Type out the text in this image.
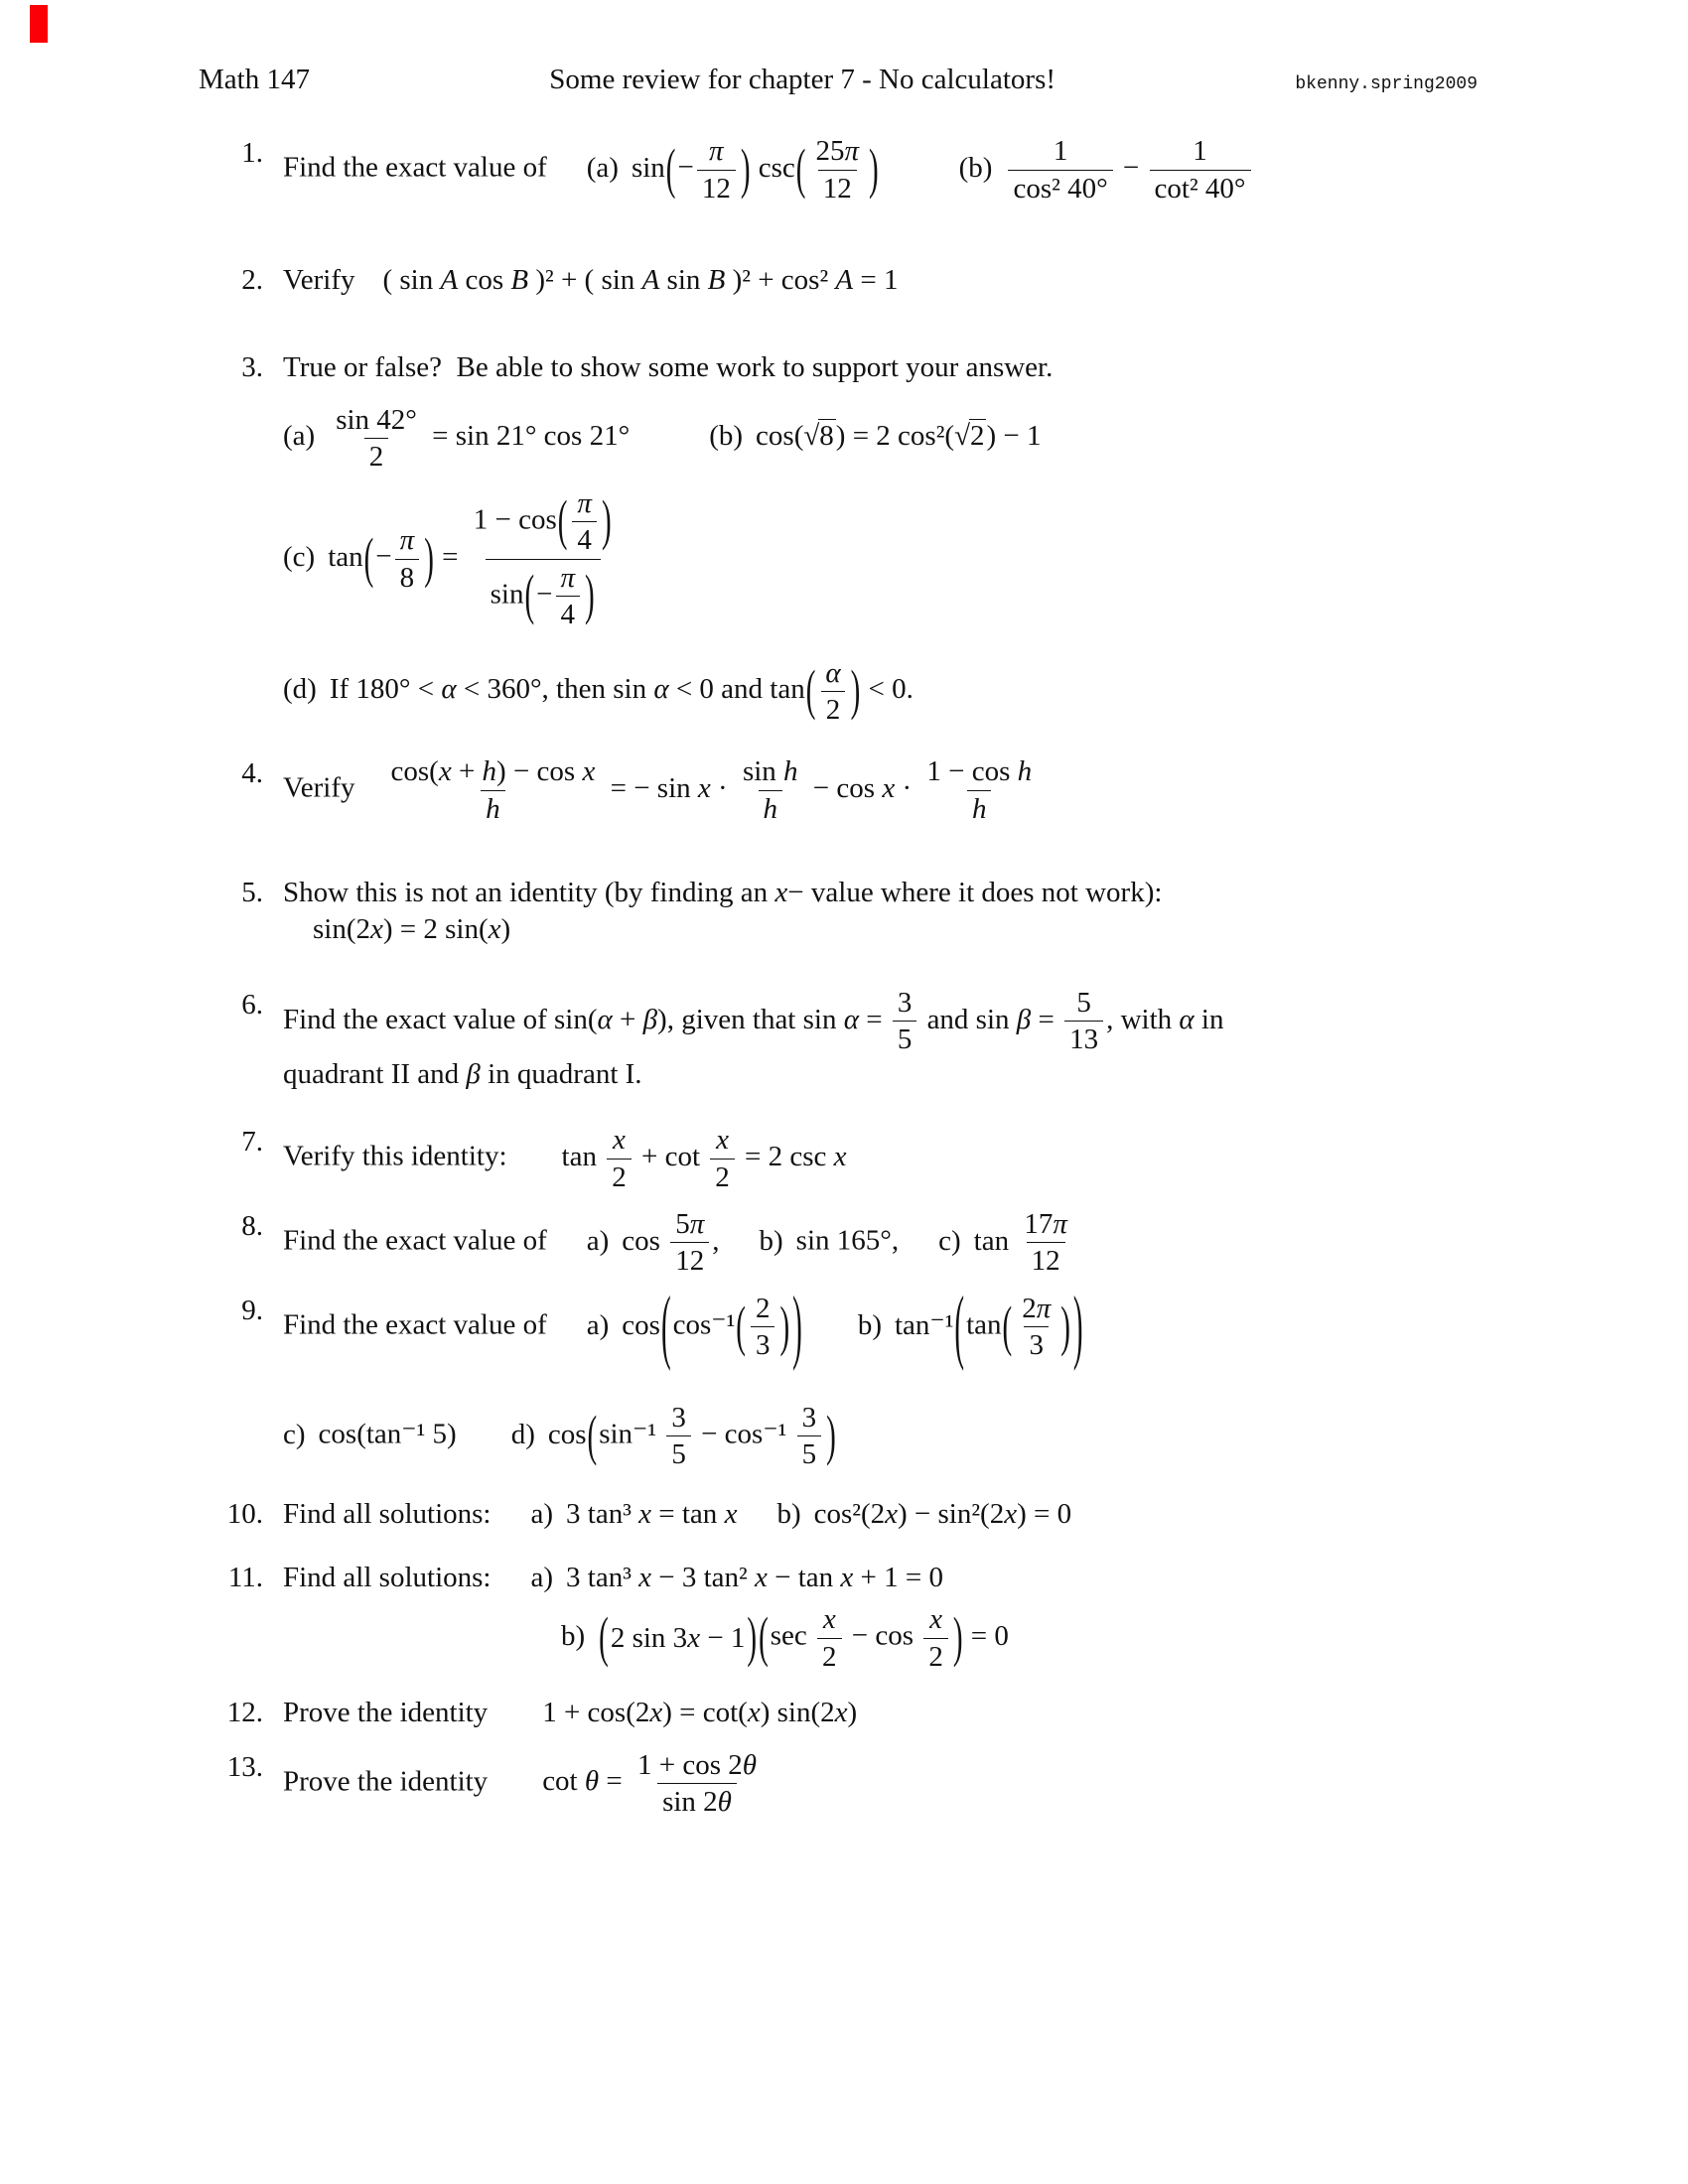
Math 147	Some review for chapter 7 - No calculators!	bkenny.spring2009
1. Find the exact value of (a) sin ( − $\frac{\pi}{12}$ ) csc ( $\frac{25\pi}{12}$ )	$(b) \frac{1}{\text{cos² 40°}} - \frac{1}{\text{cot² 40°}}$
2. Verify ( sin A cos B )² + ( sin A sin B )² + cos² A = 1
3. True or false?  Be able to show some work to support your answer.
$(a) \frac{\sin 42^\circ}{2} = \sin 21^\circ$ cos 21°	(b) cos(√8) = 2 cos²(√2) − 1
(c) tan ( − $\frac{\pi}{8}$ ) = $\frac{1 - \cos ( \frac{\pi}{4} )}{\sin ( - \frac{\pi}{4} )}$
(d) If 180° < α < 360°, then sin α < 0 and tan ( $\frac{\alpha}{2}$ ) < 0.
4. Verify $\frac{\text{cos(x + h) − cos x}}{h}$ = − $\sin x \cdot \frac{\text{sin h}}{h} - \cos x \cdot \frac{\text{1 − cos h}}{h}$
5. Show this is not an identity (by finding an x− value where it does not work):
sin(2x) = 2 sin(x)
6. Find the exact value of sin(α + β), given that $\sin \alpha = \frac{3}{5}$ and $\sin \beta = \frac{5}{13}$ , with α in
quadrant II and β in quadrant I.
7. Verify this identity: $\tan \frac{x}{2} + \cot \frac{x}{2} = 2$ csc x
8. Find the exact value of a) $\cos \frac{5\pi}{12}$ , b) sin 165°, c) $\tan \frac{17\pi}{12}$
9. Find the exact value of a) cos ( cos⁻¹ ( $\frac{2}{3}$ ) ) b) tan⁻¹ ( tan ( $\frac{2\pi}{3}$ ) )
c) cos(tan⁻¹ 5) d) cos ( $\sin^{-1} \frac{3}{5} - \cos^{-1} \frac{3}{5}$ )
10. Find all solutions: a) 3 tan³ x = tan x b) cos²(2x) − sin²(2x) = 0
11. Find all solutions: a) 3 tan³ x − 3 tan² x − tan x + 1 = 0
b) ( 2 sin 3x − 1 ) ( $\sec \frac{x}{2} - \cos \frac{x}{2}$ ) = 0
12. Prove the identity 1 + cos(2x) = cot(x) sin(2x)
13. Prove the identity $\cot \theta = \frac{1 + \cos 2\theta}{\sin 2\theta}$
